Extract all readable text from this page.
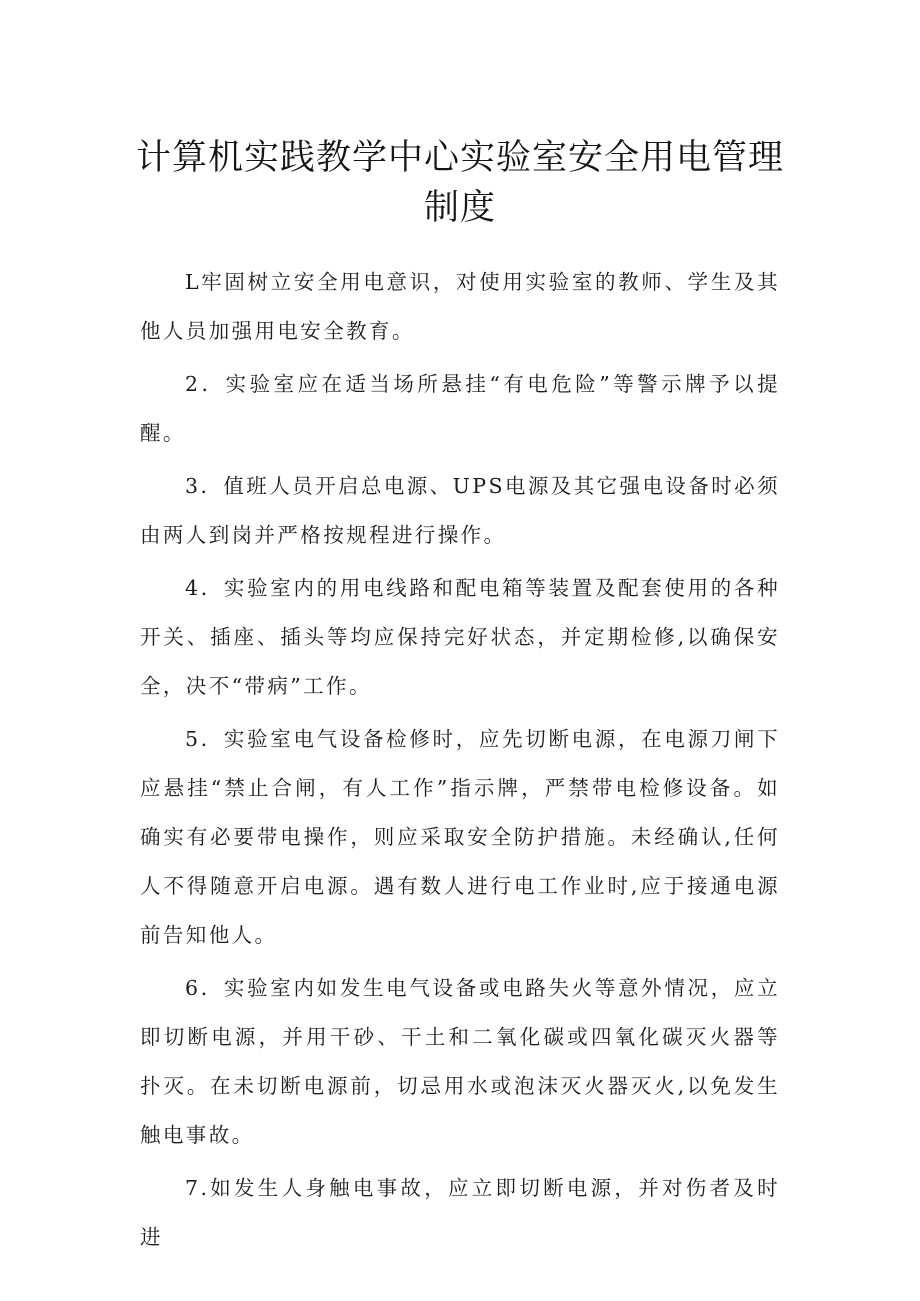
计算机实践教学中心实验室安全用电管理制度

L牢固树立安全用电意识，对使用实验室的教师、学生及其他人员加强用电安全教育。

2．实验室应在适当场所悬挂“有电危险”等警示牌予以提醒。

3．值班人员开启总电源、UPS电源及其它强电设备时必须由两人到岗并严格按规程进行操作。

4．实验室内的用电线路和配电箱等装置及配套使用的各种开关、插座、插头等均应保持完好状态，并定期检修,以确保安全，决不“带病”工作。

5．实验室电气设备检修时，应先切断电源，在电源刀闸下应悬挂“禁止合闸，有人工作”指示牌，严禁带电检修设备。如确实有必要带电操作，则应采取安全防护措施。未经确认,任何人不得随意开启电源。遇有数人进行电工作业时,应于接通电源前告知他人。

6．实验室内如发生电气设备或电路失火等意外情况，应立即切断电源，并用干砂、干土和二氧化碳或四氧化碳灭火器等扑灭。在未切断电源前，切忌用水或泡沫灭火器灭火,以免发生触电事故。

7.如发生人身触电事故，应立即切断电源，并对伤者及时进
